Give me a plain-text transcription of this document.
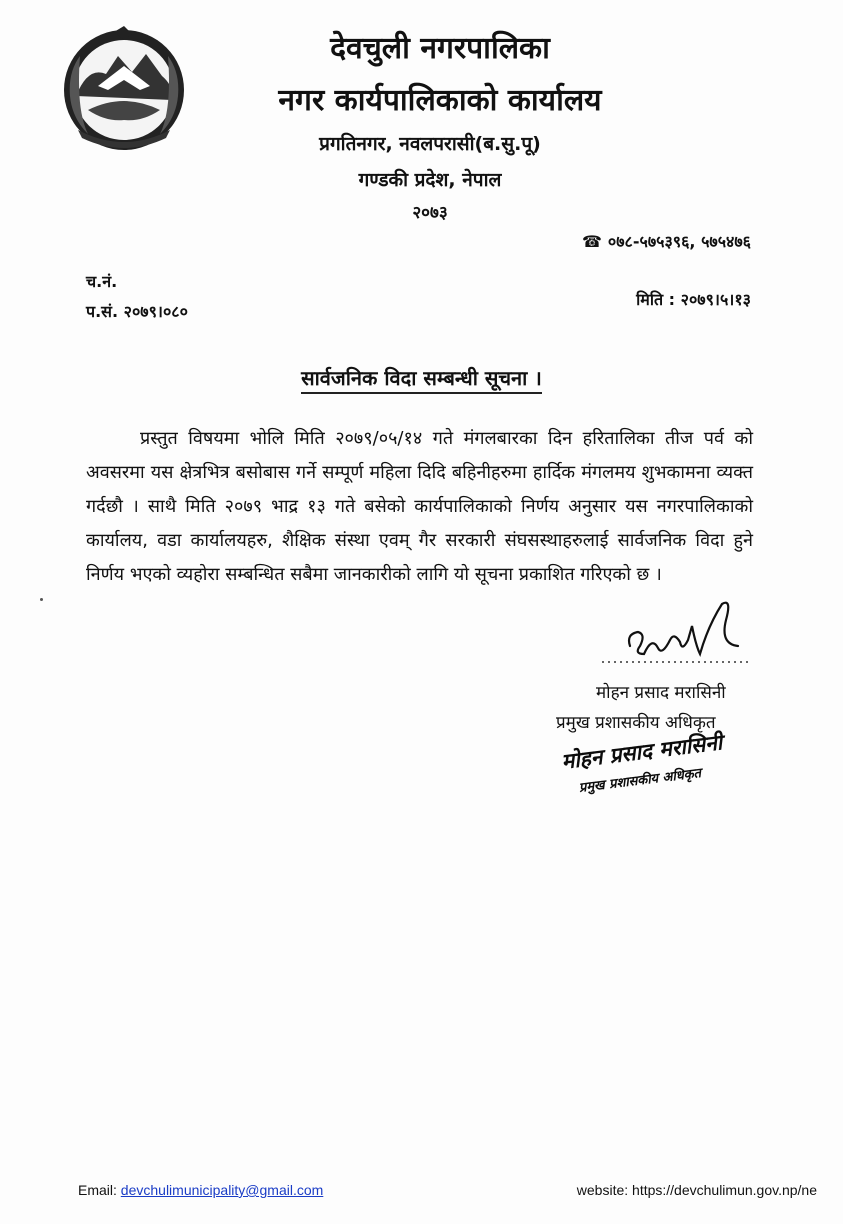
देवचुली नगरपालिका
नगर कार्यपालिकाको कार्यालय
प्रगतिनगर, नवलपरासी(ब.सु.पू)
गण्डकी प्रदेश, नेपाल
२०७३
☎ ०७८-५७५३९६, ५७५४७६
च.नं.
प.सं. २०७९।०८०
मिति : २०७९।५।१३
सार्वजनिक विदा सम्बन्धी सूचना ।
प्रस्तुत विषयमा भोलि मिति २०७९/०५/१४ गते मंगलबारका दिन हरितालिका तीज पर्व को अवसरमा यस क्षेत्रभित्र बसोबास गर्ने सम्पूर्ण महिला दिदि बहिनीहरुमा हार्दिक मंगलमय शुभकामना व्यक्त गर्दछौ । साथै मिति २०७९ भाद्र १३ गते बसेको कार्यपालिकाको निर्णय अनुसार यस नगरपालिकाको कार्यालय, वडा कार्यालयहरु, शैक्षिक संस्था एवम् गैर सरकारी संघसस्थाहरुलाई सार्वजनिक विदा हुने निर्णय भएको व्यहोरा सम्बन्धित सबैमा जानकारीको लागि यो सूचना प्रकाशित गरिएको छ ।
मोहन प्रसाद मरासिनी
प्रमुख प्रशासकीय अधिकृत
मोहन प्रसाद मरासिनी
प्रमुख प्रशासकीय अधिकृत
Email: devchulimunicipality@gmail.com	website: https://devchulimun.gov.np/ne
